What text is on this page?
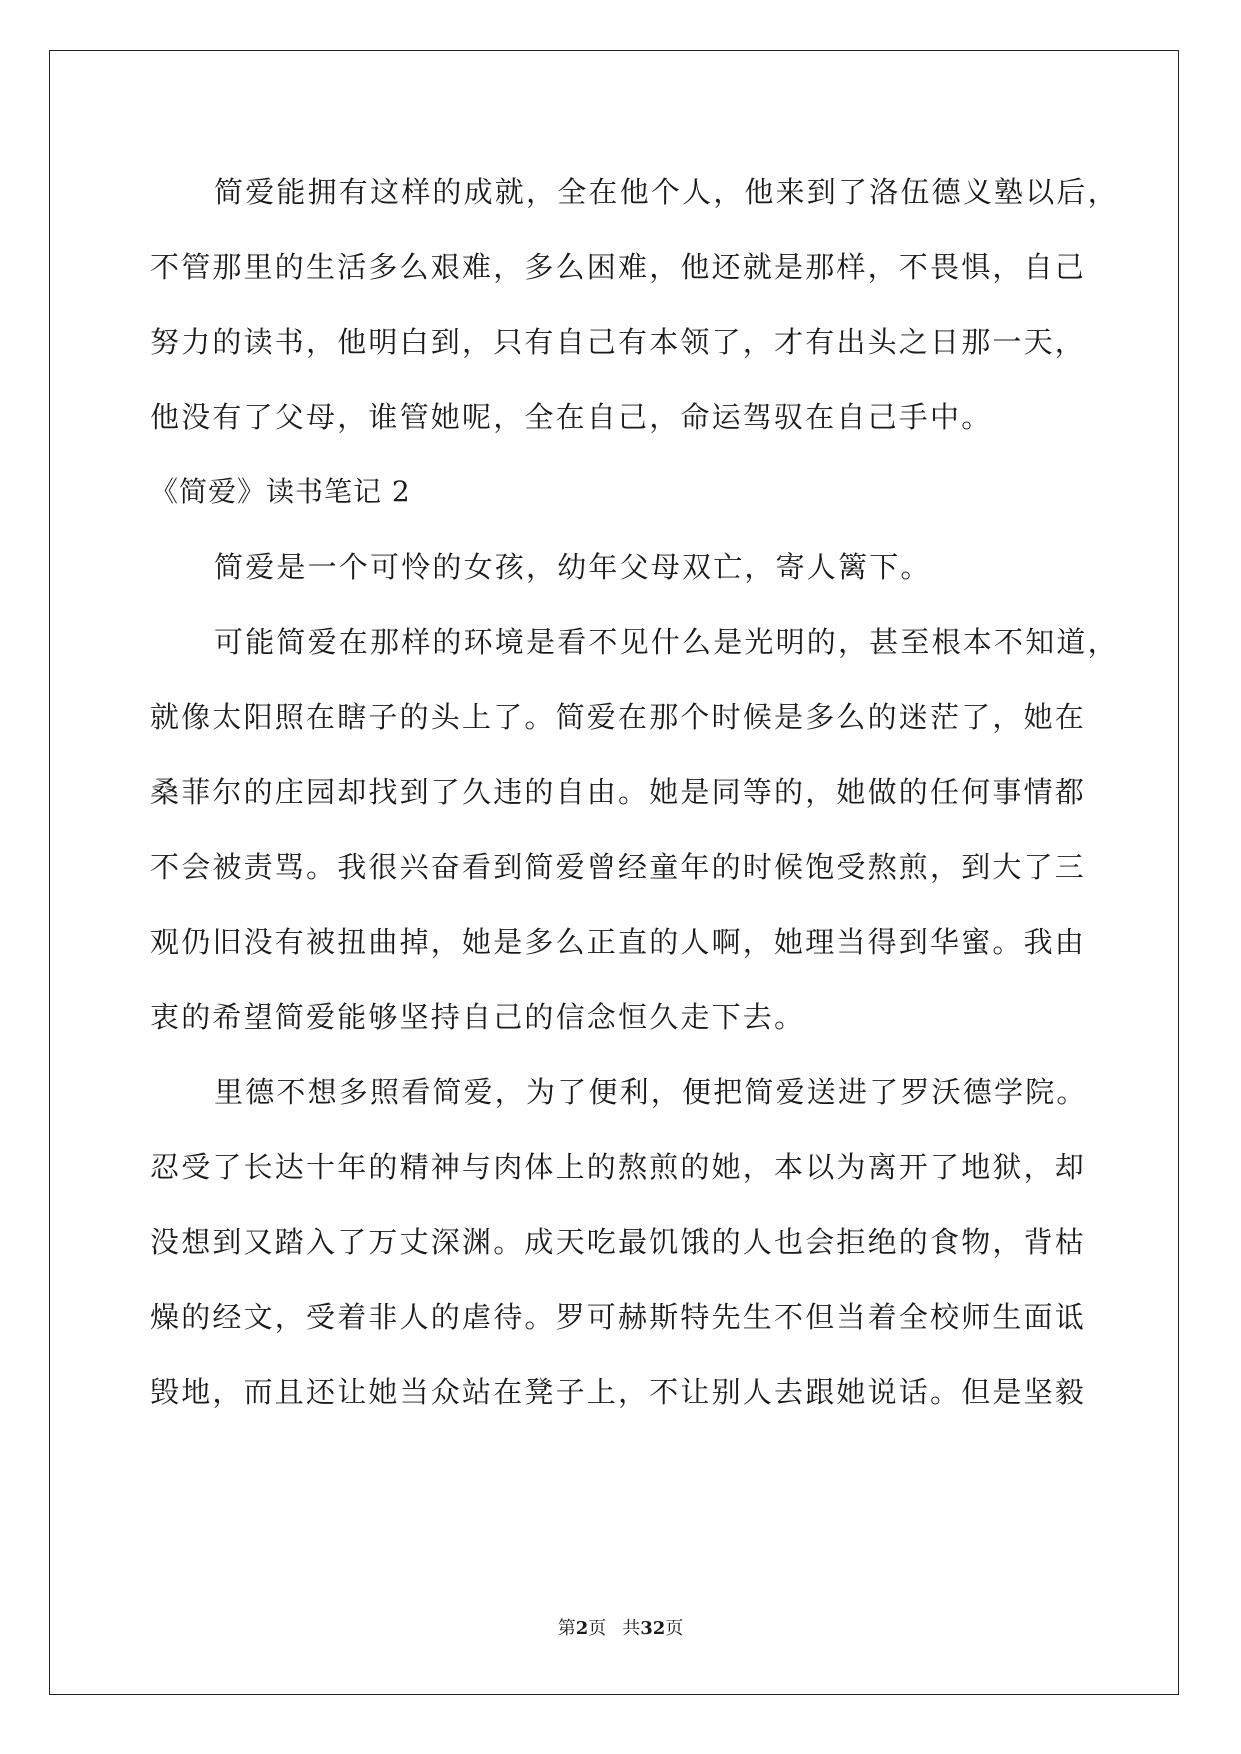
简爱能拥有这样的成就，全在他个人，他来到了洛伍德义塾以后，
不管那里的生活多么艰难，多么困难，他还就是那样，不畏惧，自己
努力的读书，他明白到，只有自己有本领了，才有出头之日那一天，
他没有了父母，谁管她呢，全在自己，命运驾驭在自己手中。
《简爱》读书笔记 2
简爱是一个可怜的女孩，幼年父母双亡，寄人篱下。
可能简爱在那样的环境是看不见什么是光明的，甚至根本不知道，
就像太阳照在瞎子的头上了。简爱在那个时候是多么的迷茫了，她在
桑菲尔的庄园却找到了久违的自由。她是同等的，她做的任何事情都
不会被责骂。我很兴奋看到简爱曾经童年的时候饱受熬煎，到大了三
观仍旧没有被扭曲掉，她是多么正直的人啊，她理当得到华蜜。我由
衷的希望简爱能够坚持自己的信念恒久走下去。
里德不想多照看简爱，为了便利，便把简爱送进了罗沃德学院。
忍受了长达十年的精神与肉体上的熬煎的她，本以为离开了地狱，却
没想到又踏入了万丈深渊。成天吃最饥饿的人也会拒绝的食物，背枯
燥的经文，受着非人的虐待。罗可赫斯特先生不但当着全校师生面诋
毁地，而且还让她当众站在凳子上，不让别人去跟她说话。但是坚毅
第2页 共32页
